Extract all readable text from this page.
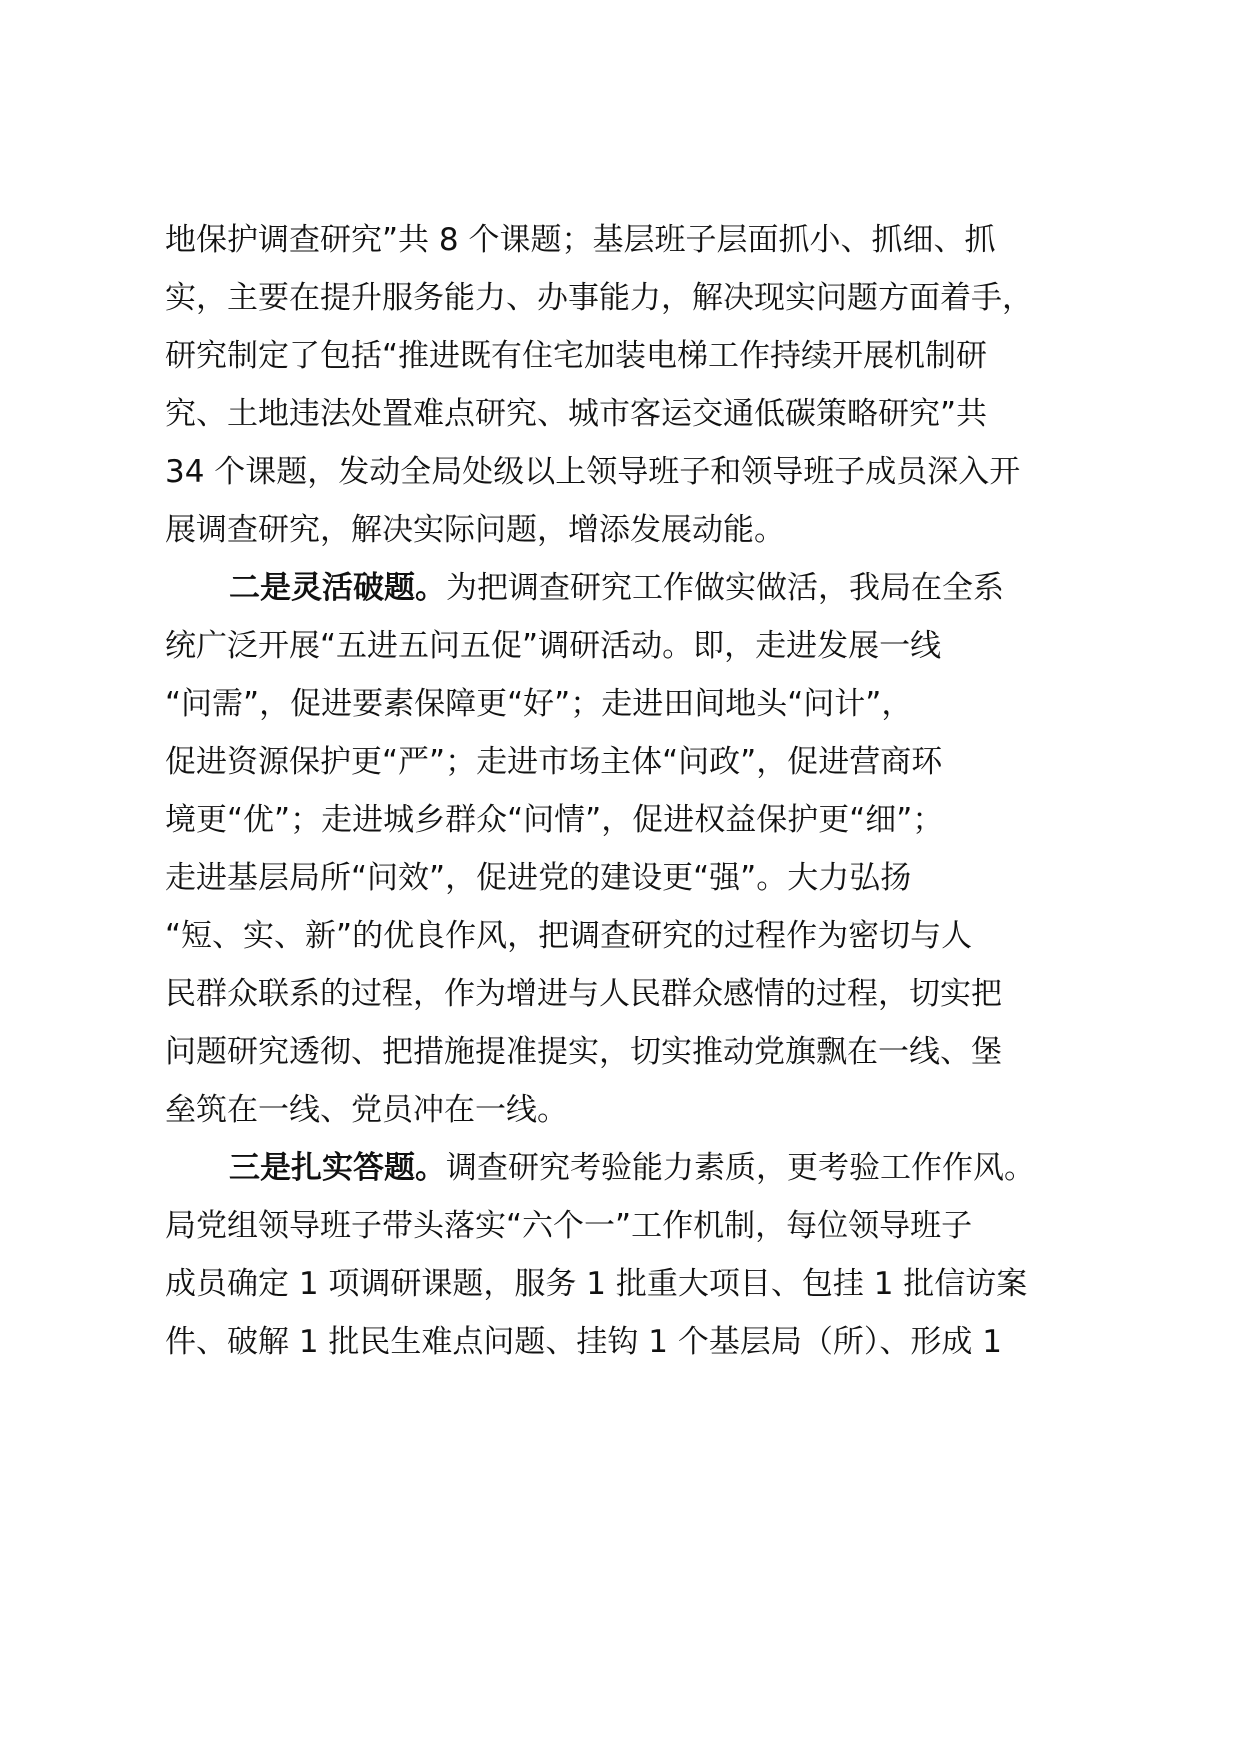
地保护调查研究”共 8 个课题；基层班子层面抓小、抓细、抓
实，主要在提升服务能力、办事能力，解决现实问题方面着手，
研究制定了包括“推进既有住宅加装电梯工作持续开展机制研
究、土地违法处置难点研究、城市客运交通低碳策略研究”共
34 个课题，发动全局处级以上领导班子和领导班子成员深入开
展调查研究，解决实际问题，增添发展动能。
二是灵活破题。为把调查研究工作做实做活，我局在全系
统广泛开展“五进五问五促”调研活动。即，走进发展一线
“问需”，促进要素保障更“好”；走进田间地头“问计”，
促进资源保护更“严”；走进市场主体“问政”，促进营商环
境更“优”；走进城乡群众“问情”，促进权益保护更“细”；
走进基层局所“问效”，促进党的建设更“强”。大力弘扬
“短、实、新”的优良作风，把调查研究的过程作为密切与人
民群众联系的过程，作为增进与人民群众感情的过程，切实把
问题研究透彻、把措施提准提实，切实推动党旗飘在一线、堡
垒筑在一线、党员冲在一线。
三是扎实答题。调查研究考验能力素质，更考验工作作风。
局党组领导班子带头落实“六个一”工作机制，每位领导班子
成员确定 1 项调研课题，服务 1 批重大项目、包挂 1 批信访案
件、破解 1 批民生难点问题、挂钩 1 个基层局（所）、形成 1
